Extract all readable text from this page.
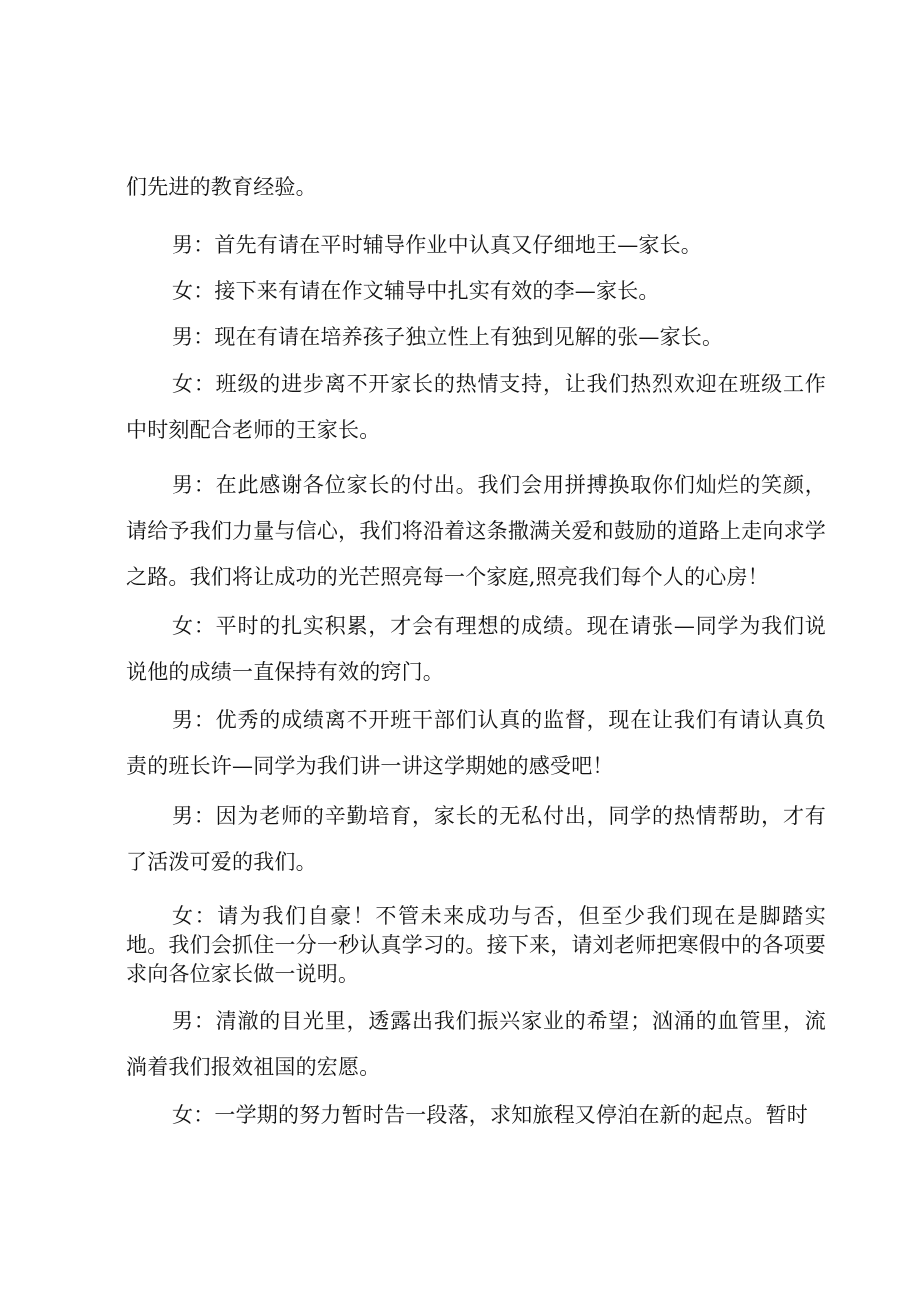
们先进的教育经验。

男：首先有请在平时辅导作业中认真又仔细地王—家长。

女：接下来有请在作文辅导中扎实有效的李—家长。

男：现在有请在培养孩子独立性上有独到见解的张—家长。

女：班级的进步离不开家长的热情支持，让我们热烈欢迎在班级工作中时刻配合老师的王家长。

男：在此感谢各位家长的付出。我们会用拼搏换取你们灿烂的笑颜，请给予我们力量与信心，我们将沿着这条撒满关爱和鼓励的道路上走向求学之路。我们将让成功的光芒照亮每一个家庭,照亮我们每个人的心房！

女：平时的扎实积累，才会有理想的成绩。现在请张—同学为我们说说他的成绩一直保持有效的窍门。

男：优秀的成绩离不开班干部们认真的监督，现在让我们有请认真负责的班长许—同学为我们讲一讲这学期她的感受吧！

男：因为老师的辛勤培育，家长的无私付出，同学的热情帮助，才有了活泼可爱的我们。

女：请为我们自豪！不管未来成功与否，但至少我们现在是脚踏实地。我们会抓住一分一秒认真学习的。接下来，请刘老师把寒假中的各项要求向各位家长做一说明。

男：清澈的目光里，透露出我们振兴家业的希望；汹涌的血管里，流淌着我们报效祖国的宏愿。

女：一学期的努力暂时告一段落，求知旅程又停泊在新的起点。暂时
